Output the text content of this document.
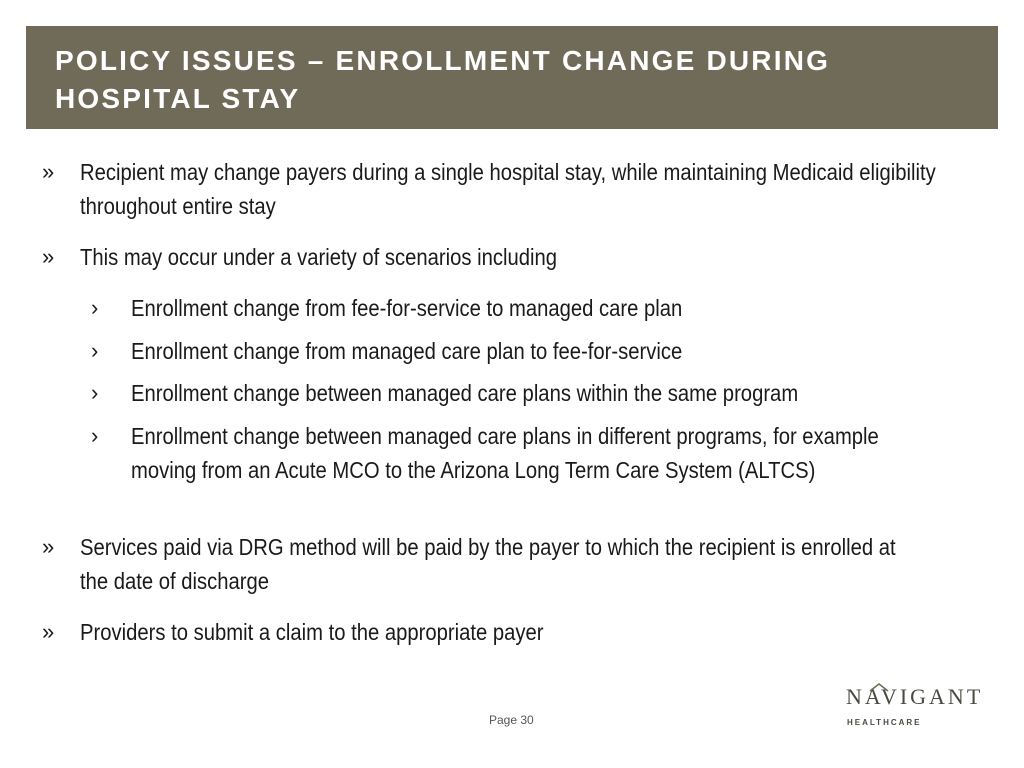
POLICY ISSUES – ENROLLMENT CHANGE DURING HOSPITAL STAY
» Recipient may change payers during a single hospital stay, while maintaining Medicaid eligibility throughout entire stay
» This may occur under a variety of scenarios including
› Enrollment change from fee-for-service to managed care plan
› Enrollment change from managed care plan to fee-for-service
› Enrollment change between managed care plans within the same program
› Enrollment change between managed care plans in different programs, for example moving from an Acute MCO to the Arizona Long Term Care System (ALTCS)
» Services paid via DRG method will be paid by the payer to which the recipient is enrolled at the date of discharge
» Providers to submit a claim to the appropriate payer
Page 30
NAVIGANT
HEALTHCARE
